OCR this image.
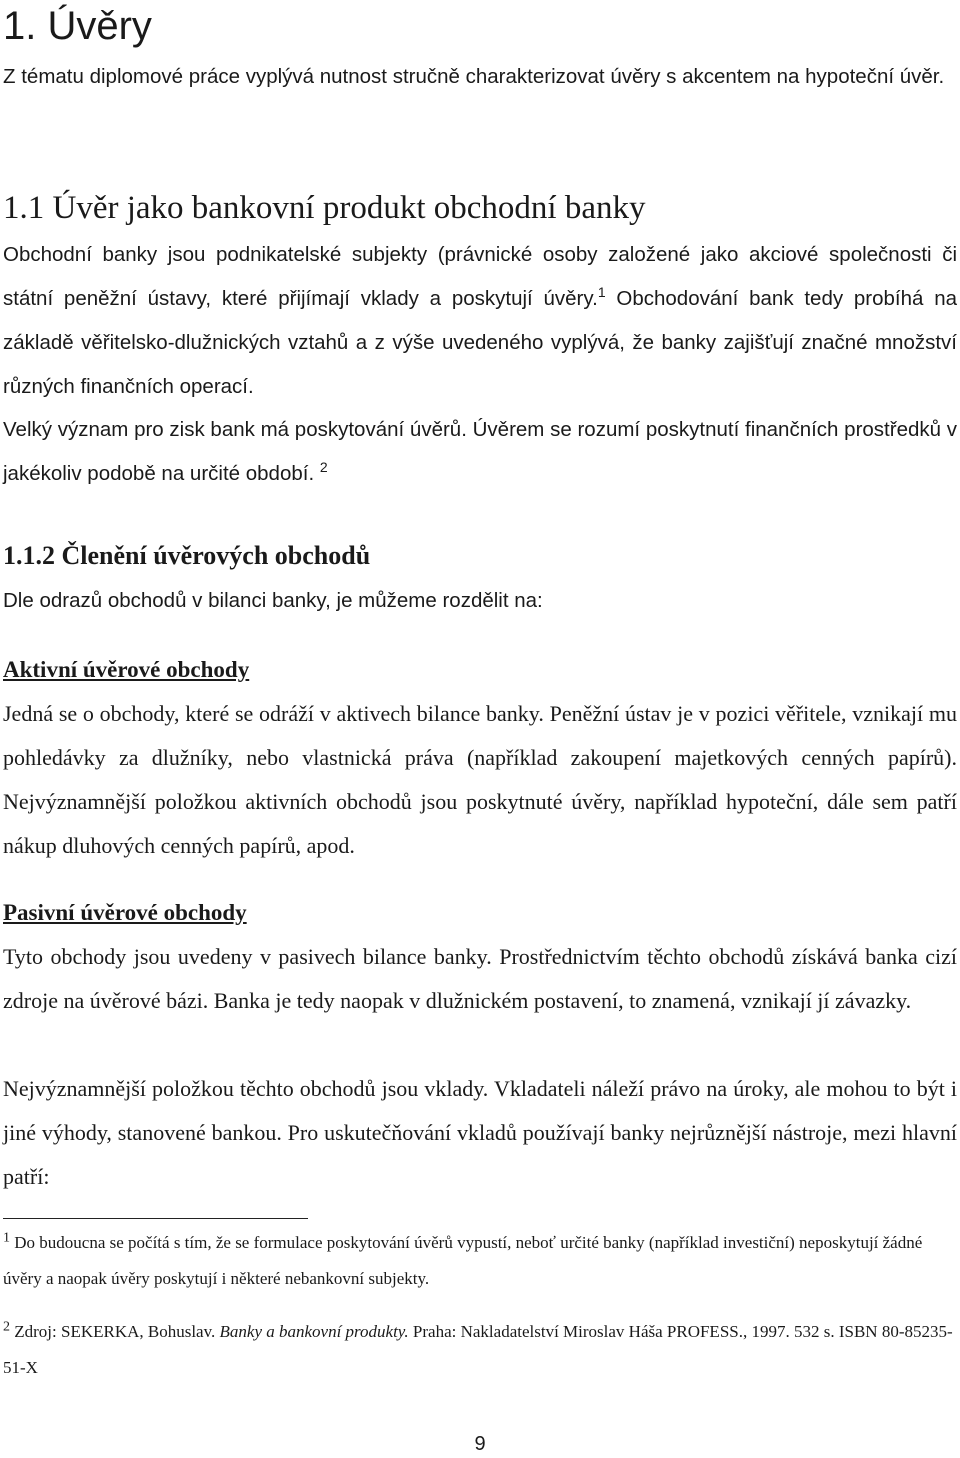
1. Úvěry

Z tématu diplomové práce vyplývá nutnost stručně charakterizovat úvěry s akcentem na hypoteční úvěr.

1.1 Úvěr jako bankovní produkt obchodní banky

Obchodní banky jsou podnikatelské subjekty (právnické osoby založené jako akciové společnosti či státní peněžní ústavy, které přijímají vklady a poskytují úvěry.$^1$ Obchodování bank tedy probíhá na základě věřitelsko-dlužnických vztahů a z výše uvedeného vyplývá, že banky zajišťují značné množství různých finančních operací.

Velký význam pro zisk bank má poskytování úvěrů. Úvěrem se rozumí poskytnutí finančních prostředků v jakékoliv podobě na určité období. $^2$

1.1.2 Členění úvěrových obchodů

Dle odrazů obchodů v bilanci banky, je můžeme rozdělit na:

Aktivní úvěrové obchody

Jedná se o obchody, které se odráží v aktivech bilance banky. Peněžní ústav je v pozici věřitele, vznikají mu pohledávky za dlužníky, nebo vlastnická práva (například zakoupení majetkových cenných papírů). Nejvýznamnější položkou aktivních obchodů jsou poskytnuté úvěry, například hypoteční, dále sem patří nákup dluhových cenných papírů, apod.

Pasivní úvěrové obchody

Tyto obchody jsou uvedeny v pasivech bilance banky. Prostřednictvím těchto obchodů získává banka cizí zdroje na úvěrové bázi. Banka je tedy naopak v dlužnickém postavení, to znamená, vznikají jí závazky.

Nejvýznamnější položkou těchto obchodů jsou vklady. Vkladateli náleží právo na úroky, ale mohou to být i jiné výhody, stanovené bankou. Pro uskutečňování vkladů používají banky nejrůznější nástroje, mezi hlavní patří:

$^1$ Do budoucna se počítá s tím, že se formulace poskytování úvěrů vypustí, neboť určité banky (například investiční) neposkytují žádné úvěry a naopak úvěry poskytují i některé nebankovní subjekty.

$^2$ Zdroj: SEKERKA, Bohuslav. Banky a bankovní produkty. Praha: Nakladatelství Miroslav Háša PROFESS., 1997. 532 s. ISBN 80-85235-51-X

9
